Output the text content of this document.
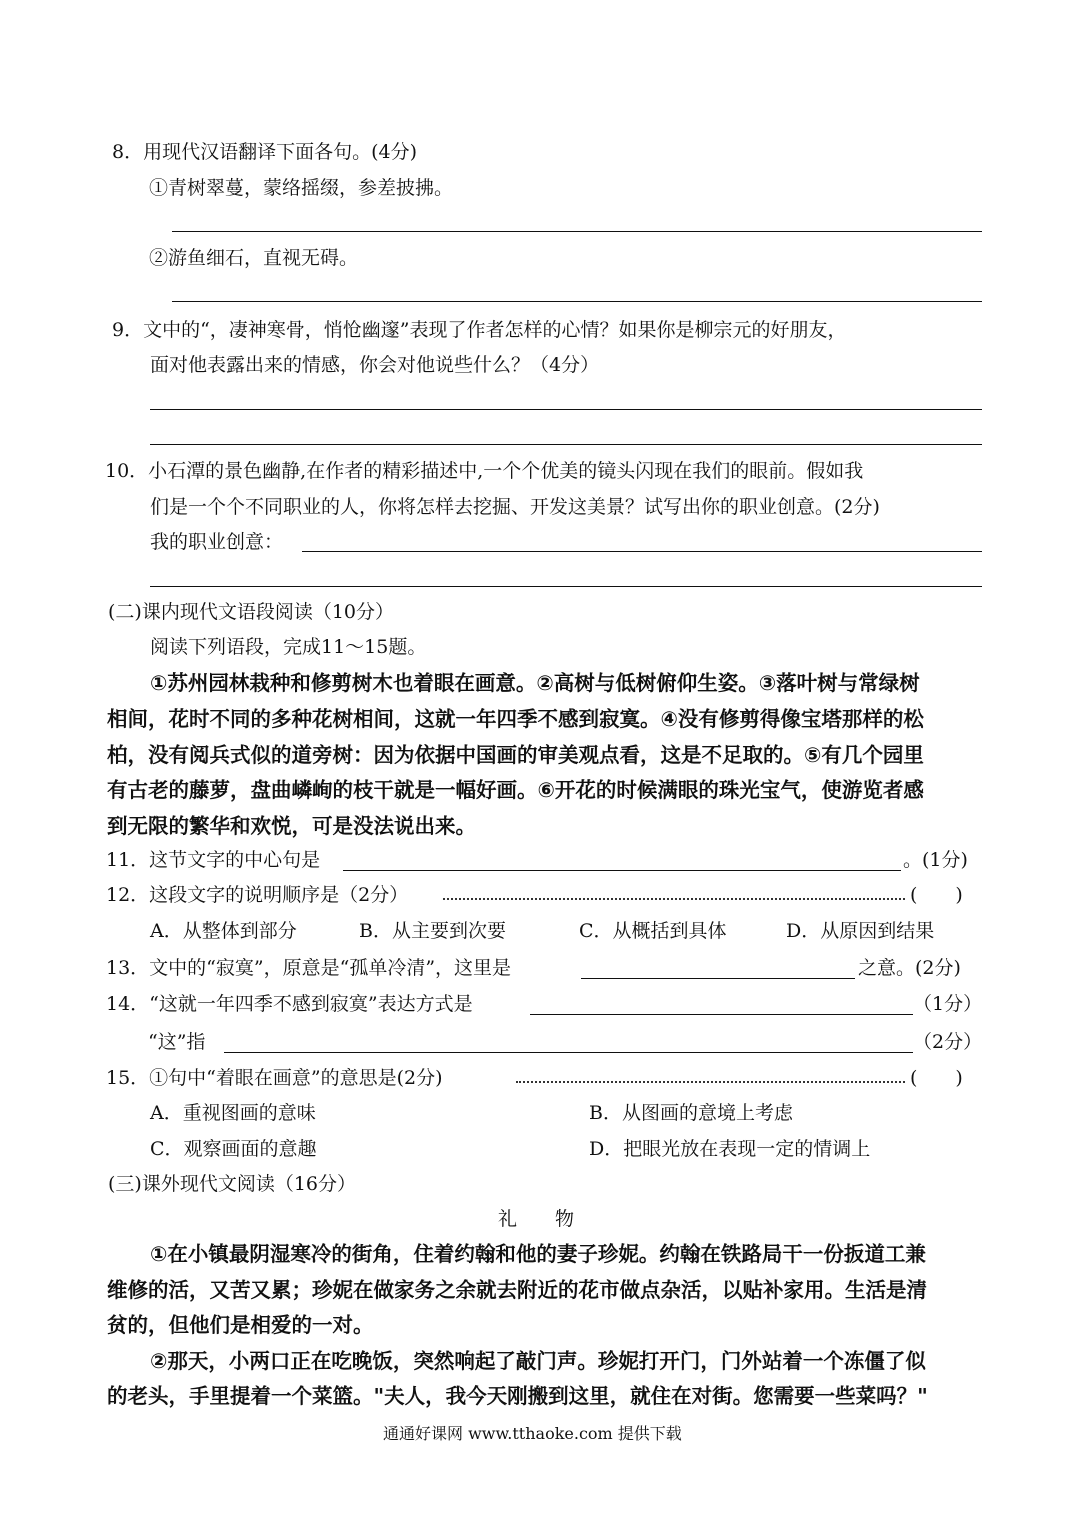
8．用现代汉语翻译下面各句。(4分)
①青树翠蔓，蒙络摇缀，参差披拂。
②游鱼细石，直视无碍。
9．文中的“，凄神寒骨，悄怆幽邃”表现了作者怎样的心情？如果你是柳宗元的好朋友，
面对他表露出来的情感，你会对他说些什么？（4分）
10．小石潭的景色幽静,在作者的精彩描述中,一个个优美的镜头闪现在我们的眼前。假如我
们是一个个不同职业的人，你将怎样去挖掘、开发这美景？试写出你的职业创意。(2分)
我的职业创意：
(二)课内现代文语段阅读（10分）
阅读下列语段，完成11～15题。
①苏州园林栽种和修剪树木也着眼在画意。②高树与低树俯仰生姿。③落叶树与常绿树
相间，花时不同的多种花树相间，这就一年四季不感到寂寞。④没有修剪得像宝塔那样的松
柏，没有阅兵式似的道旁树：因为依据中国画的审美观点看，这是不足取的。⑤有几个园里
有古老的藤萝，盘曲嶙峋的枝干就是一幅好画。⑥开花的时候满眼的珠光宝气，使游览者感
到无限的繁华和欢悦，可是没法说出来。
11．这节文字的中心句是	。(1分)
12．这段文字的说明顺序是（2分）	(　　)
A．从整体到部分	B．从主要到次要	C．从概括到具体	D．从原因到结果
13．文中的“寂寞”，原意是“孤单冷清”，这里是	之意。(2分)
14．“这就一年四季不感到寂寞”表达方式是	（1分）
“这”指	（2分）
15．①句中“着眼在画意”的意思是(2分)	(　　)
A．重视图画的意味	B．从图画的意境上考虑
C．观察画面的意趣	D．把眼光放在表现一定的情调上
(三)课外现代文阅读（16分）
礼　　物
①在小镇最阴湿寒冷的街角，住着约翰和他的妻子珍妮。约翰在铁路局干一份扳道工兼
维修的活，又苦又累；珍妮在做家务之余就去附近的花市做点杂活，以贴补家用。生活是清
贫的，但他们是相爱的一对。
②那天，小两口正在吃晚饭，突然响起了敲门声。珍妮打开门，门外站着一个冻僵了似
的老头，手里提着一个菜篮。"夫人，我今天刚搬到这里，就住在对街。您需要一些菜吗？"
通通好课网 www.tthaoke.com 提供下载
